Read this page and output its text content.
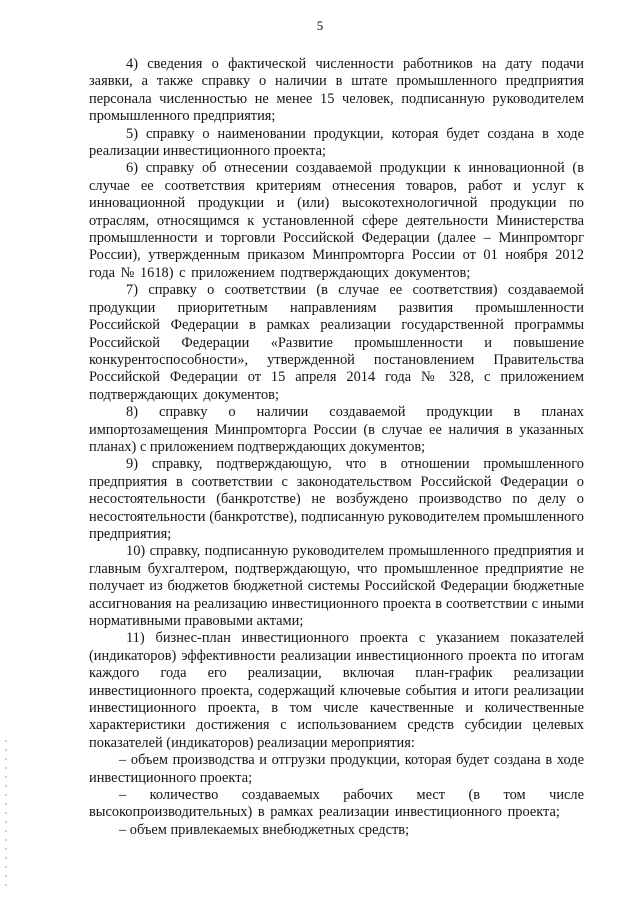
5

4) сведения о фактической численности работников на дату подачи заявки, а также справку о наличии в штате промышленного предприятия персонала численностью не менее 15 человек, подписанную руководителем промышленного предприятия;

5) справку о наименовании продукции, которая будет создана в ходе реализации инвестиционного проекта;

6) справку об отнесении создаваемой продукции к инновационной (в случае ее соответствия критериям отнесения товаров, работ и услуг к инновационной продукции и (или) высокотехнологичной продукции по отраслям, относящимся к установленной сфере деятельности Министерства промышленности и торговли Российской Федерации (далее – Минпромторг России), утвержденным приказом Минпромторга России от 01 ноября 2012 года № 1618) с приложением подтверждающих документов;

7) справку о соответствии (в случае ее соответствия) создаваемой продукции приоритетным направлениям развития промышленности Российской Федерации в рамках реализации государственной программы Российской Федерации «Развитие промышленности и повышение конкурентоспособности», утвержденной постановлением Правительства Российской Федерации от 15 апреля 2014 года № 328, с приложением подтверждающих документов;

8) справку о наличии создаваемой продукции в планах импортозамещения Минпромторга России (в случае ее наличия в указанных планах) с приложением подтверждающих документов;

9) справку, подтверждающую, что в отношении промышленного предприятия в соответствии с законодательством Российской Федерации о несостоятельности (банкротстве) не возбуждено производство по делу о несостоятельности (банкротстве), подписанную руководителем промышленного предприятия;

10) справку, подписанную руководителем промышленного предприятия и главным бухгалтером, подтверждающую, что промышленное предприятие не получает из бюджетов бюджетной системы Российской Федерации бюджетные ассигнования на реализацию инвестиционного проекта в соответствии с иными нормативными правовыми актами;

11) бизнес-план инвестиционного проекта с указанием показателей (индикаторов) эффективности реализации инвестиционного проекта по итогам каждого года его реализации, включая план-график реализации инвестиционного проекта, содержащий ключевые события и итоги реализации инвестиционного проекта, в том числе качественные и количественные характеристики достижения с использованием средств субсидии целевых показателей (индикаторов) реализации мероприятия:

– объем производства и отгрузки продукции, которая будет создана в ходе инвестиционного проекта;

– количество создаваемых рабочих мест (в том числе высокопроизводительных) в рамках реализации инвестиционного проекта;

– объем привлекаемых внебюджетных средств;
